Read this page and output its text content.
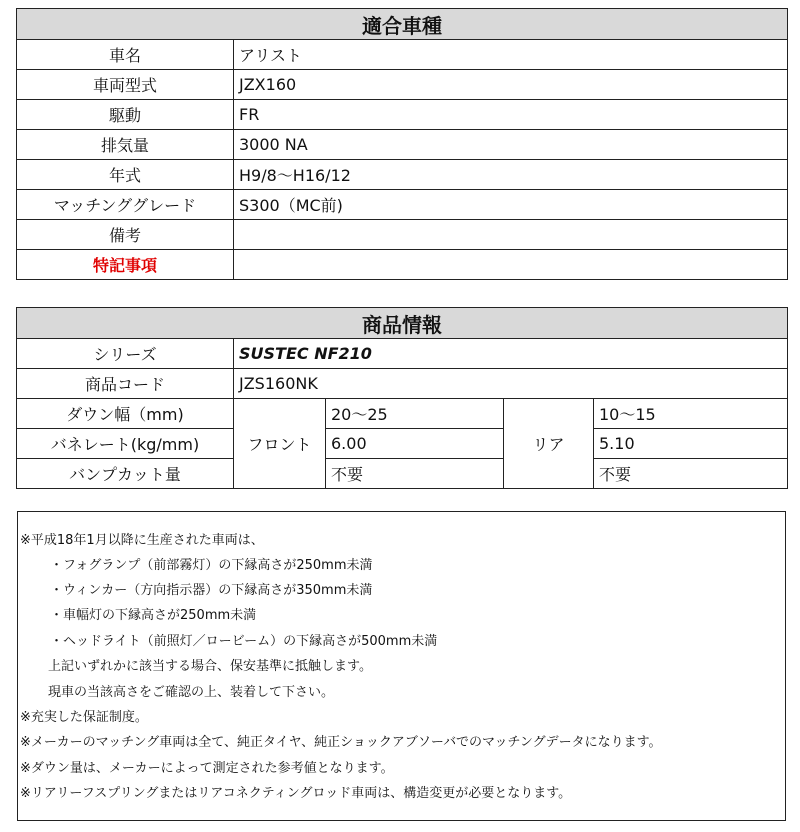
適合車種	
車名	アリスト
車両型式	JZX160
駆動	FR
排気量	3000 NA
年式	H9/8〜H16/12
マッチンググレード	S300（MC前)
備考	
特記事項	
商品情報				
シリーズ	SUSTEC NF210			
商品コード	JZS160NK			
ダウン幅（mm)	フロント	20〜25	リア	10〜15
バネレート(kg/mm)		6.00		5.10
バンプカット量		不要		不要
※平成18年1月以降に生産された車両は、
・フォグランプ（前部霧灯）の下縁高さが250mm未満
・ウィンカー（方向指示器）の下縁高さが350mm未満
・車幅灯の下縁高さが250mm未満
・ヘッドライト（前照灯／ロービーム）の下縁高さが500mm未満
上記いずれかに該当する場合、保安基準に抵触します。
現車の当該高さをご確認の上、装着して下さい。
※充実した保証制度。
※メーカーのマッチング車両は全て、純正タイヤ、純正ショックアブソーバでのマッチングデータになります。
※ダウン量は、メーカーによって測定された参考値となります。
※リアリーフスプリングまたはリアコネクティングロッド車両は、構造変更が必要となります。
